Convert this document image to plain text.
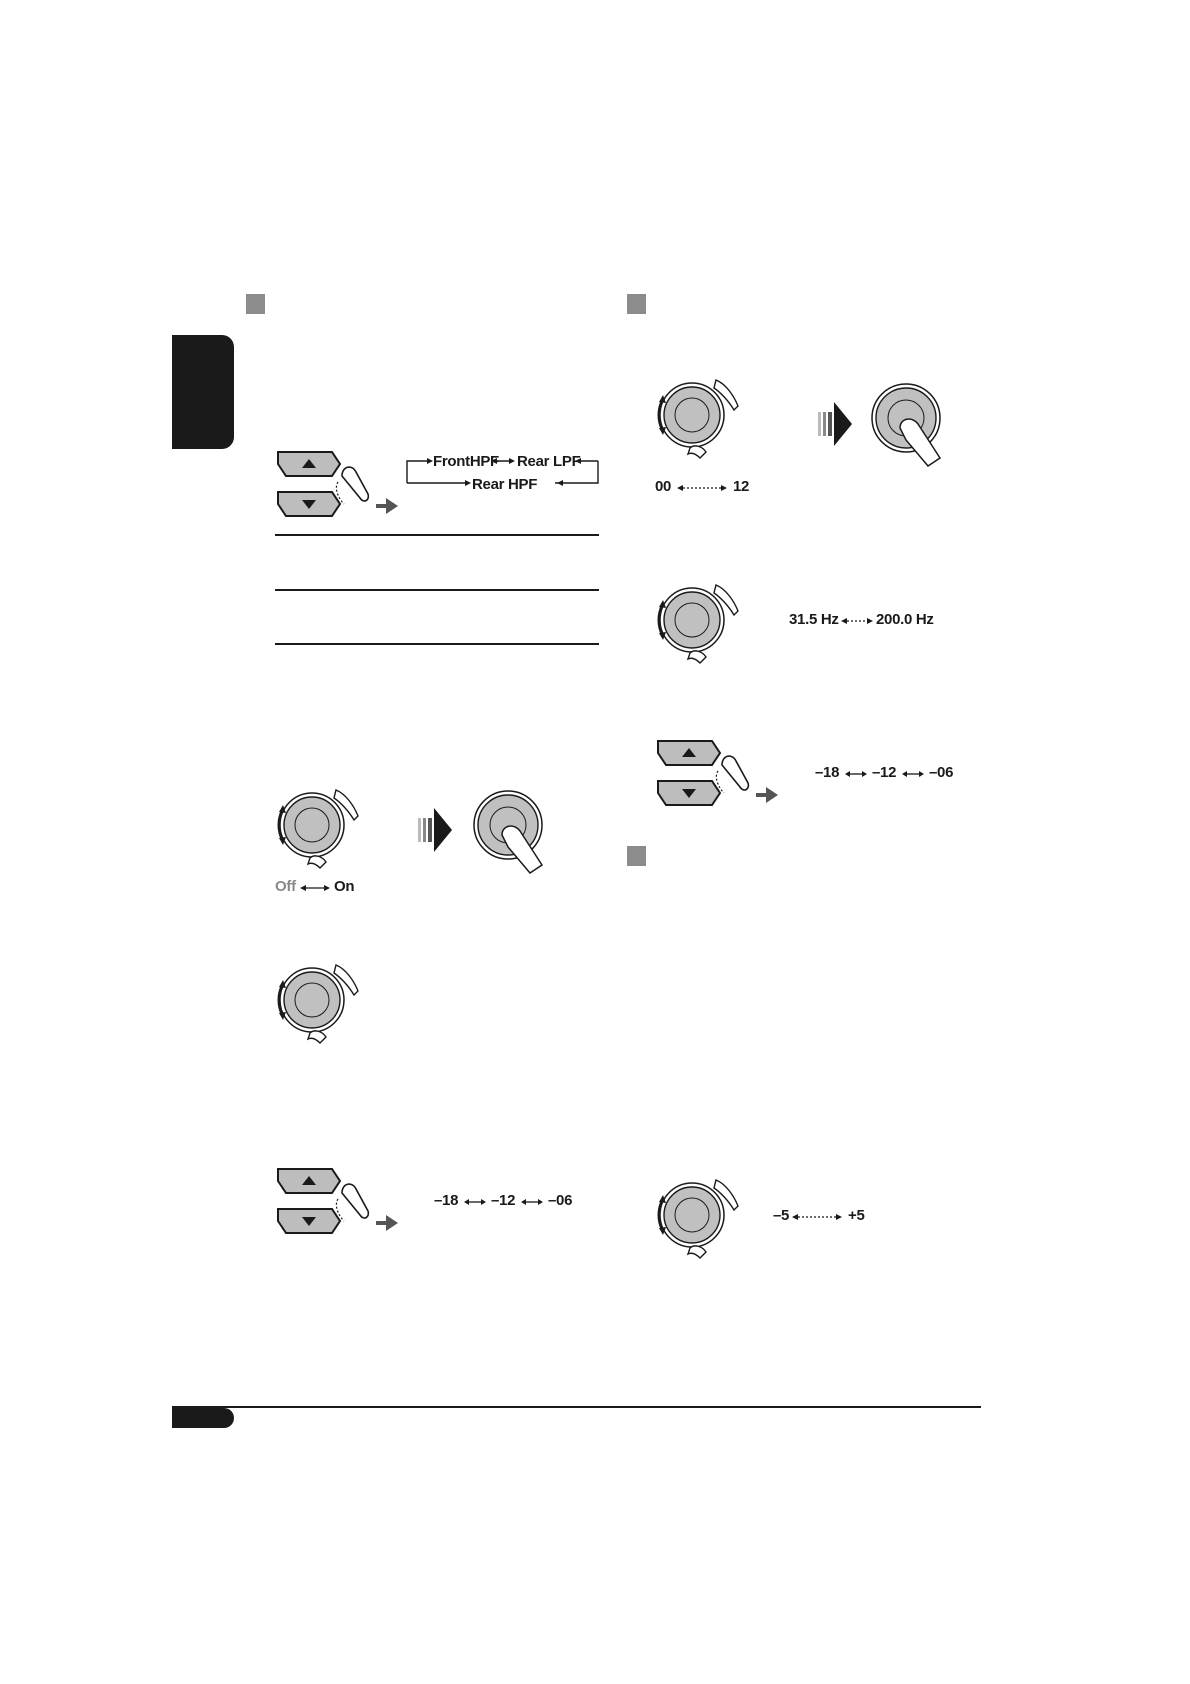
FrontHPF Rear LPF
Rear HPF
Off	On
–18 –12 –06
00	12
31.5 Hz 200.0 Hz
–18 –12 –06
–5	+5
